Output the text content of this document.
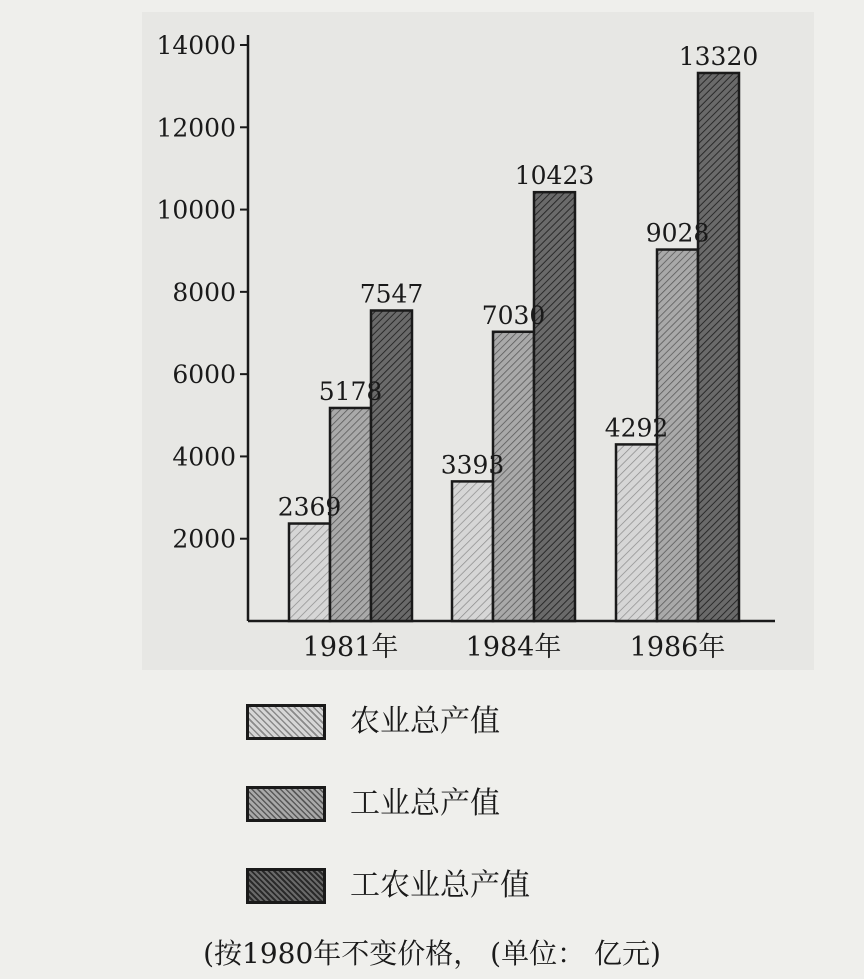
2000
4000
6000
8000
10000
12000
14000
2369
5178
7547
1981年
3393
7030
10423
1984年
4292
9028
13320
1986年
农业总产值
工业总产值
工农业总产值
(按1980年不变价格， (单位： 亿元)
